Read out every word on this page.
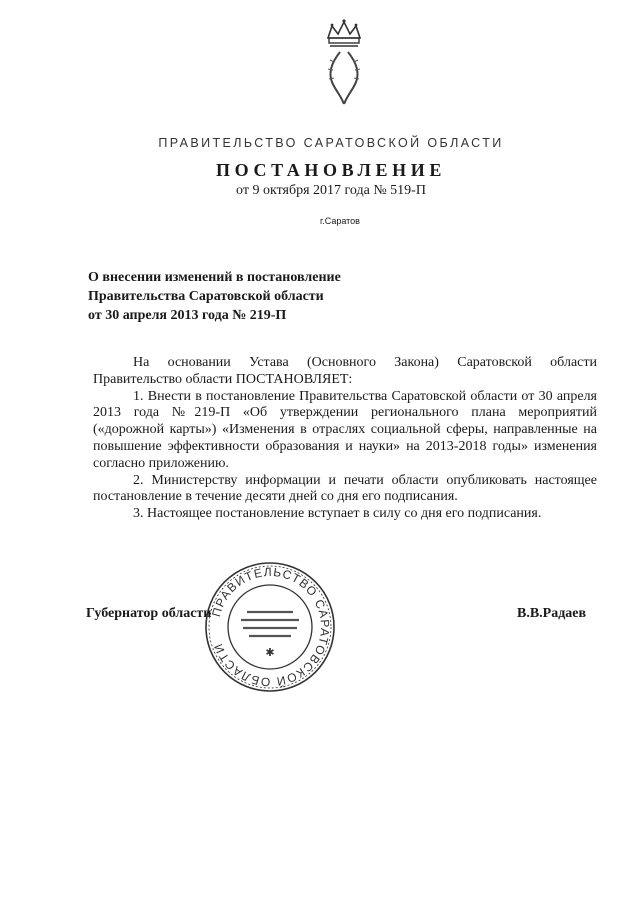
ПРАВИТЕЛЬСТВО САРАТОВСКОЙ ОБЛАСТИ
ПОСТАНОВЛЕНИЕ
от 9 октября 2017 года № 519-П
г.Саратов
О внесении изменений в постановление
Правительства Саратовской области
от 30 апреля 2013 года № 219-П

На основании Устава (Основного Закона) Саратовской области Правительство области ПОСТАНОВЛЯЕТ:

1. Внести в постановление Правительства Саратовской области от 30 апреля 2013 года №219-П «Об утверждении регионального плана мероприятий («дорожной карты») «Изменения в отраслях социальной сферы, направленные на повышение эффективности образования и науки» на 2013-2018 годы» изменения согласно приложению.

2. Министерству информации и печати области опубликовать настоящее постановление в течение десяти дней со дня его подписания.

3. Настоящее постановление вступает в силу со дня его подписания.

ПРАВИТЕЛЬСТВО САРАТОВСКОЙ ОБЛАСТИ	✱
Губернатор области	В.В.Радаев
